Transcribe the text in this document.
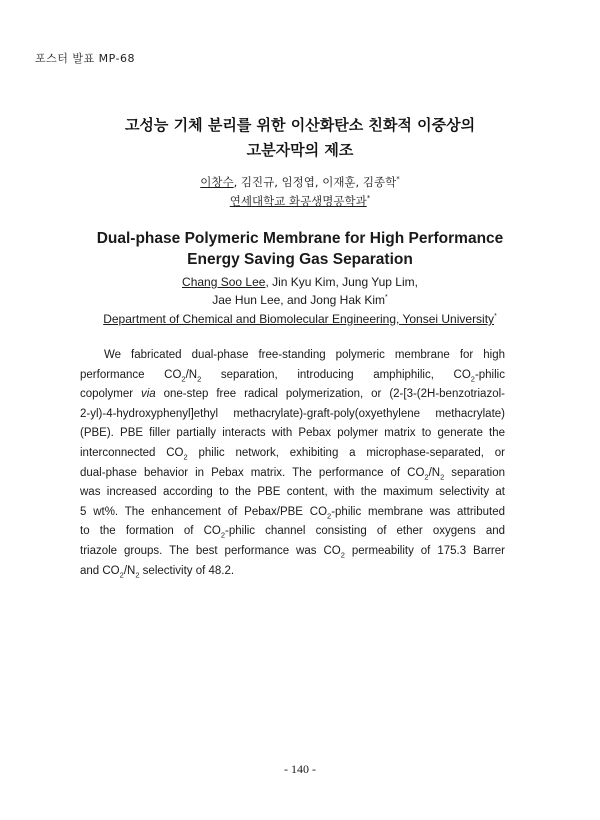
포스터 발표 MP-68
고성능 기체 분리를 위한 이산화탄소 친화적 이중상의
고분자막의 제조
이창수, 김진규, 임정엽, 이재훈, 김종학*
연세대학교 화공생명공학과*
Dual-phase Polymeric Membrane for High Performance
Energy Saving Gas Separation
Chang Soo Lee, Jin Kyu Kim, Jung Yup Lim,
Jae Hun Lee, and Jong Hak Kim*
Department of Chemical and Biomolecular Engineering, Yonsei University*
We fabricated dual-phase free-standing polymeric membrane for high
performance $CO_2/N_2$ separation, introducing amphiphilic, $CO_2$-philic
copolymer via one-step free radical polymerization, or (2-[3-(2H-benzotriazol-
2-yl)-4-hydroxyphenyl]ethyl methacrylate)-graft-poly(oxyethylene methacrylate)
(PBE). PBE filler partially interacts with Pebax polymer matrix to generate the
interconnected $CO_2$ philic network, exhibiting a microphase-separated, or
dual-phase behavior in Pebax matrix. The performance of $CO_2/N_2$ separation
was increased according to the PBE content, with the maximum selectivity at
5 wt%. The enhancement of Pebax/PBE $CO_2$-philic membrane was attributed
to the formation of $CO_2$-philic channel consisting of ether oxygens and
triazole groups. The best performance was $CO_2$ permeability of 175.3 Barrer
and $CO_2/N_2$ selectivity of 48.2.
- 140 -
